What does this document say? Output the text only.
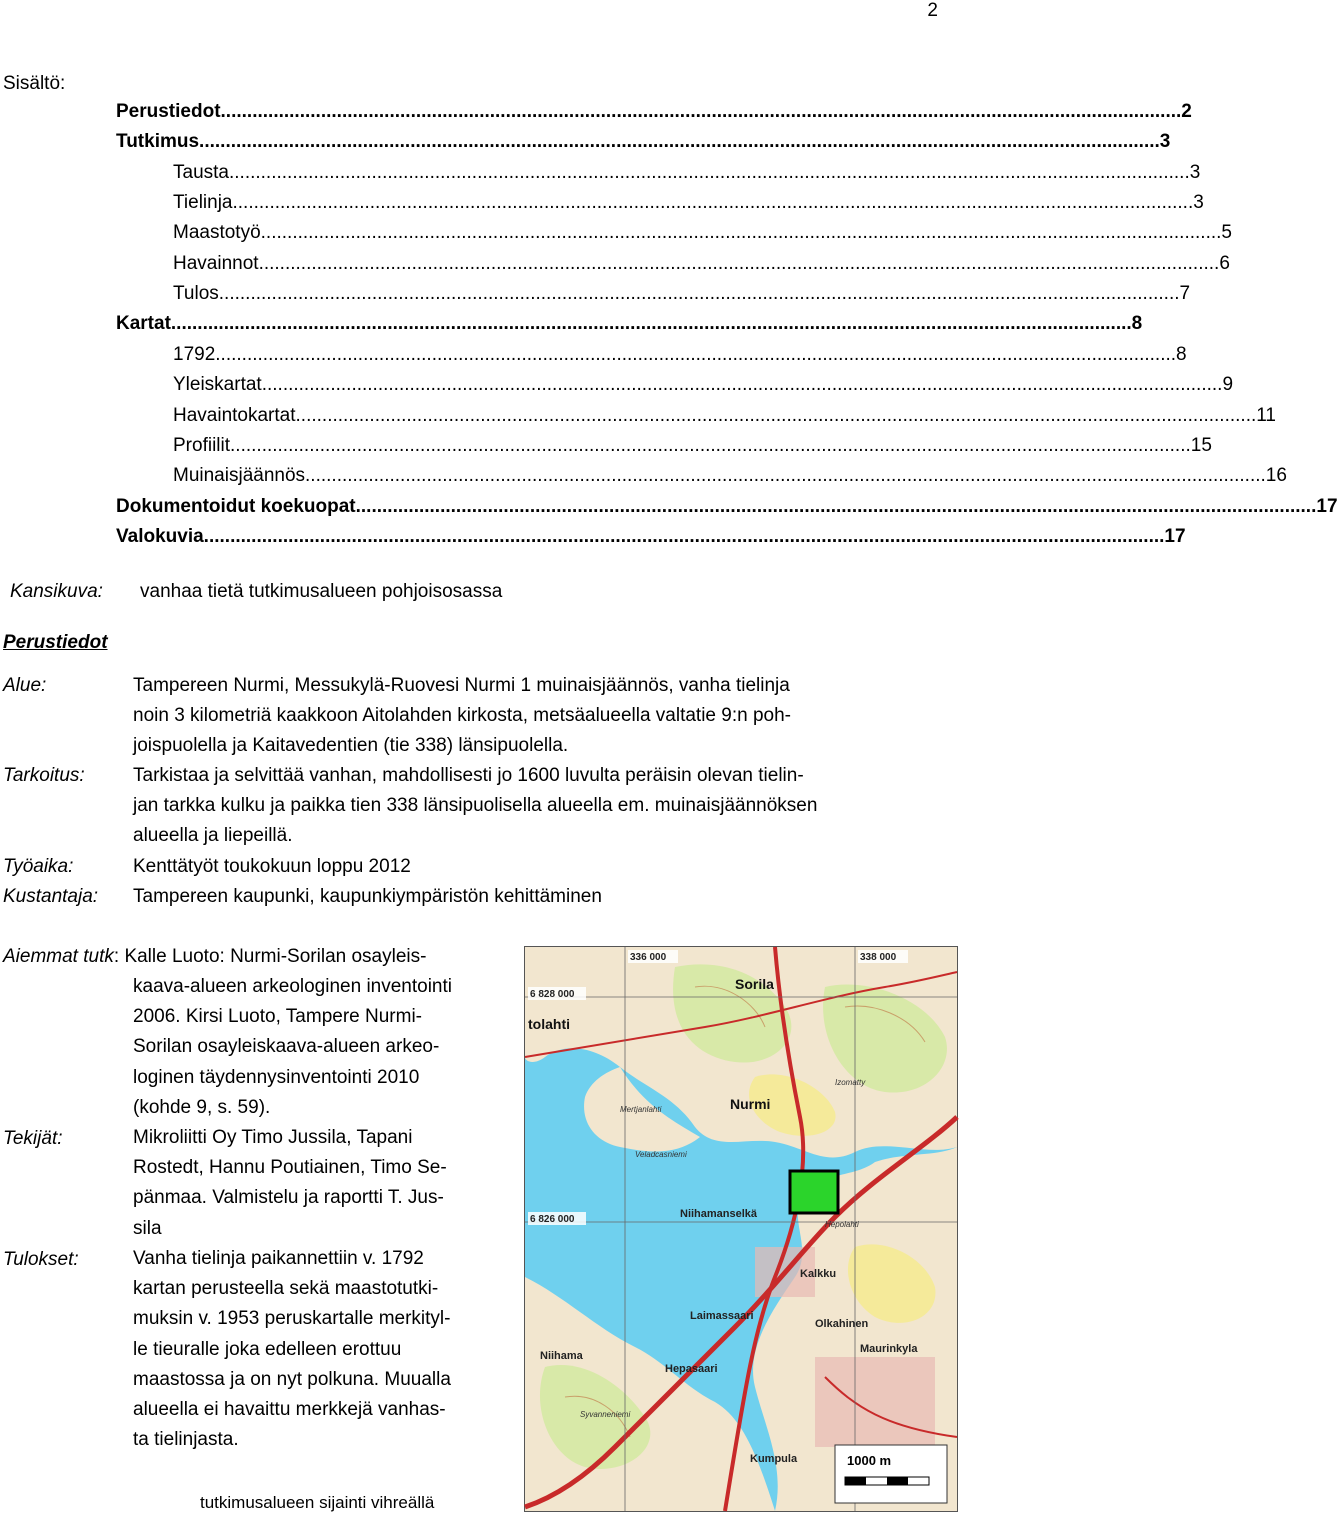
2
Sisältö:
Perustiedot ...................................................................................................................................................................................... 2
Tutkimus ...................................................................................................................................................................................... 3
Tausta ...................................................................................................................................................................................... 3
Tielinja ...................................................................................................................................................................................... 3
Maastotyö ...................................................................................................................................................................................... 5
Havainnot ...................................................................................................................................................................................... 6
Tulos ...................................................................................................................................................................................... 7
Kartat ...................................................................................................................................................................................... 8
1792 ...................................................................................................................................................................................... 8
Yleiskartat ...................................................................................................................................................................................... 9
Havaintokartat ...................................................................................................................................................................................... 11
Profiilit ...................................................................................................................................................................................... 15
Muinaisjäännös ...................................................................................................................................................................................... 16
Dokumentoidut koekuopat ...................................................................................................................................................................................... 17
Valokuvia ...................................................................................................................................................................................... 17
Kansikuva: vanhaa tietä tutkimusalueen pohjoisosassa
Perustiedot
Alue:	Tampereen Nurmi, Messukylä-Ruovesi Nurmi 1 muinaisjäännös, vanha tielinja
noin 3 kilometriä kaakkoon Aitolahden kirkosta, metsäalueella valtatie 9:n poh-
joispuolella ja Kaitavedentien (tie 338) länsipuolella.
Tarkoitus:	Tarkistaa ja selvittää vanhan, mahdollisesti jo 1600 luvulta peräisin olevan tielin-
jan tarkka kulku ja paikka tien 338 länsipuolisella alueella em. muinaisjäännöksen
alueella ja liepeillä.
Työaika:	Kenttätyöt toukokuun loppu 2012
Kustantaja: Tampereen kaupunki, kaupunkiympäristön kehittäminen
Aiemmat tutk: Kalle Luoto: Nurmi-Sorilan osayleis-
kaava-alueen arkeologinen inventointi
2006. Kirsi Luoto, Tampere Nurmi-
Sorilan osayleiskaava-alueen arkeo-
loginen täydennysinventointi 2010
(kohde 9, s. 59).
Tekijät:	Mikroliitti Oy Timo Jussila, Tapani
Rostedt, Hannu Poutiainen, Timo Se-
pänmaa. Valmistelu ja raportti T. Jus-
sila
Tulokset:	Vanha tielinja paikannettiin v. 1792
kartan perusteella sekä maastotutki-
muksin v. 1953 peruskartalle merkityl-
le tieuralle joka edelleen erottuu
maastossa ja on nyt polkuna. Muualla
alueella ei havaittu merkkejä vanhas-
ta tielinjasta.
336 000	338 000
6 828 000
6 826 000
Sorila
tolahti
Nurmi
Niihamanselkä
Veladcasniemi
Mertjanlahti
Laimassaari
Hepasaari
Niihama
Kalkku
Kumpula
Olkahinen
Maurinkyla
Hepolahti
Syvanneniemi
Izomatty
1000 m
tutkimusalueen sijainti vihreällä
